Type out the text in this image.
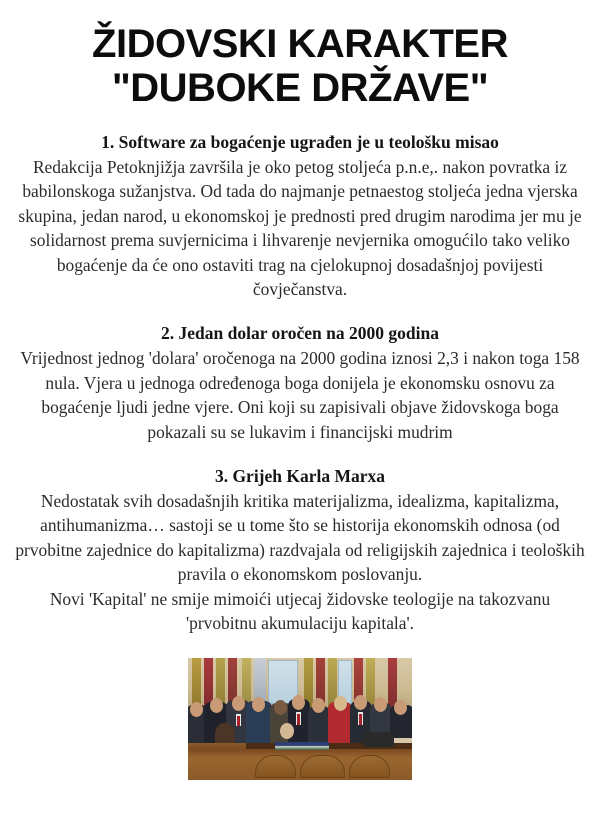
ŽIDOVSKI KARAKTER
"DUBOKE DRŽAVE"
1. Software za bogaćenje ugrađen je u teološku misao

Redakcija Petoknjižja završila je oko petog stoljeća p.n.e,. nakon povratka iz babilonskoga sužanjstva. Od tada do najmanje petnaestog stoljeća jedna vjerska skupina, jedan narod, u ekonomskoj je prednosti pred drugim narodima jer mu je solidarnost prema suvjernicima i lihvarenje nevjernika omogućilo tako veliko bogaćenje da će ono ostaviti trag na cjelokupnoj dosadašnjoj povijesti čovječanstva.

2. Jedan dolar oročen na 2000 godina

Vrijednost jednog 'dolara' oročenoga na 2000 godina iznosi 2,3 i nakon toga 158 nula. Vjera u jednoga određenoga boga donijela je ekonomsku osnovu za bogaćenje ljudi jedne vjere. Oni koji su zapisivali objave židovskoga boga pokazali su se lukavim i financijski mudrim

3. Grijeh Karla Marxa

Nedostatak svih dosadašnjih kritika materijalizma, idealizma, kapitalizma, antihumanizma… sastoji se u tome što se historija ekonomskih odnosa (od prvobitne zajednice do kapitalizma) razdvajala od religijskih zajednica i teoloških pravila o ekonomskom poslovanju.

Novi 'Kapital' ne smije mimoići utjecaj židovske teologije na takozvanu 'prvobitnu akumulaciju kapitala'.
